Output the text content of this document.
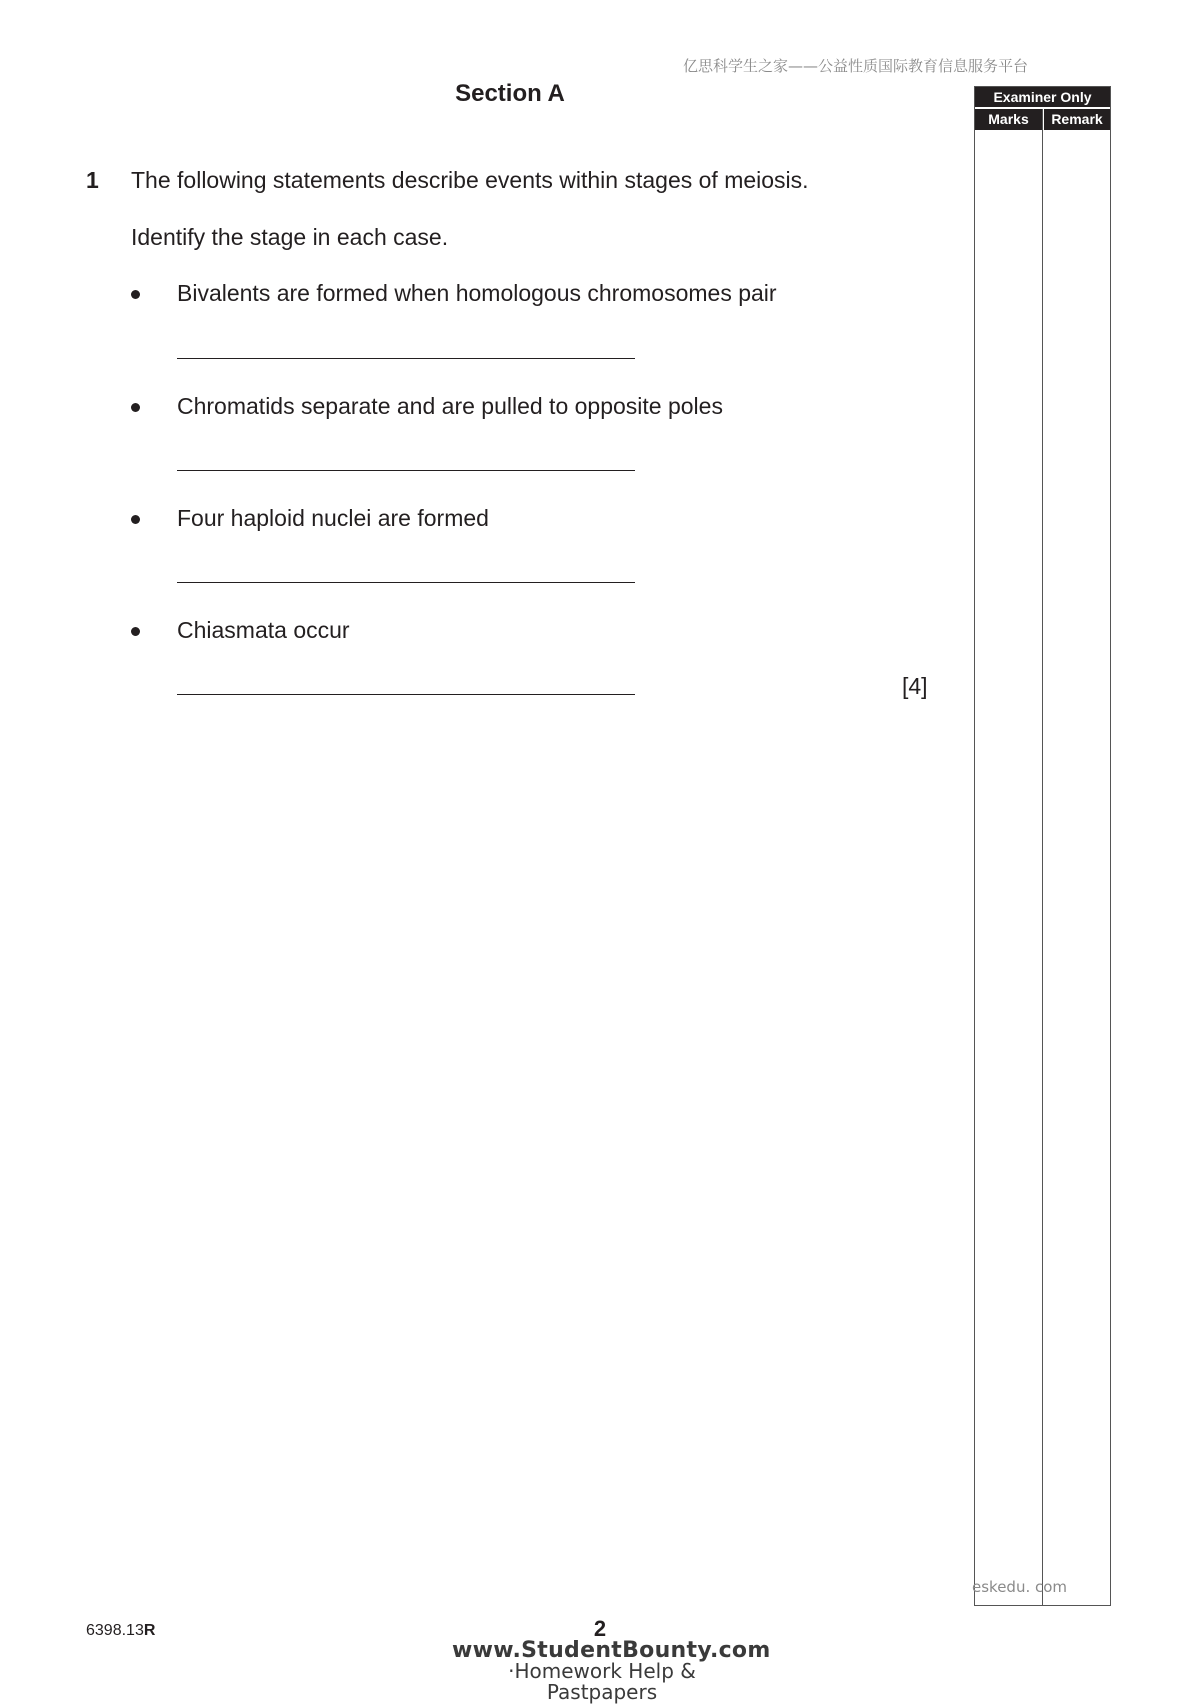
亿思科学生之家——公益性质国际教育信息服务平台
Section A	Examiner Only
Marks	Remark
1 The following statements describe events within stages of meiosis.
Identify the stage in each case.
Bivalents are formed when homologous chromosomes pair
Chromatids separate and are pulled to opposite poles
Four haploid nuclei are formed
Chiasmata occur
[4]
eskedu. com
6398.13R	2
www.StudentBounty.com
·Homework Help & Pastpapers
